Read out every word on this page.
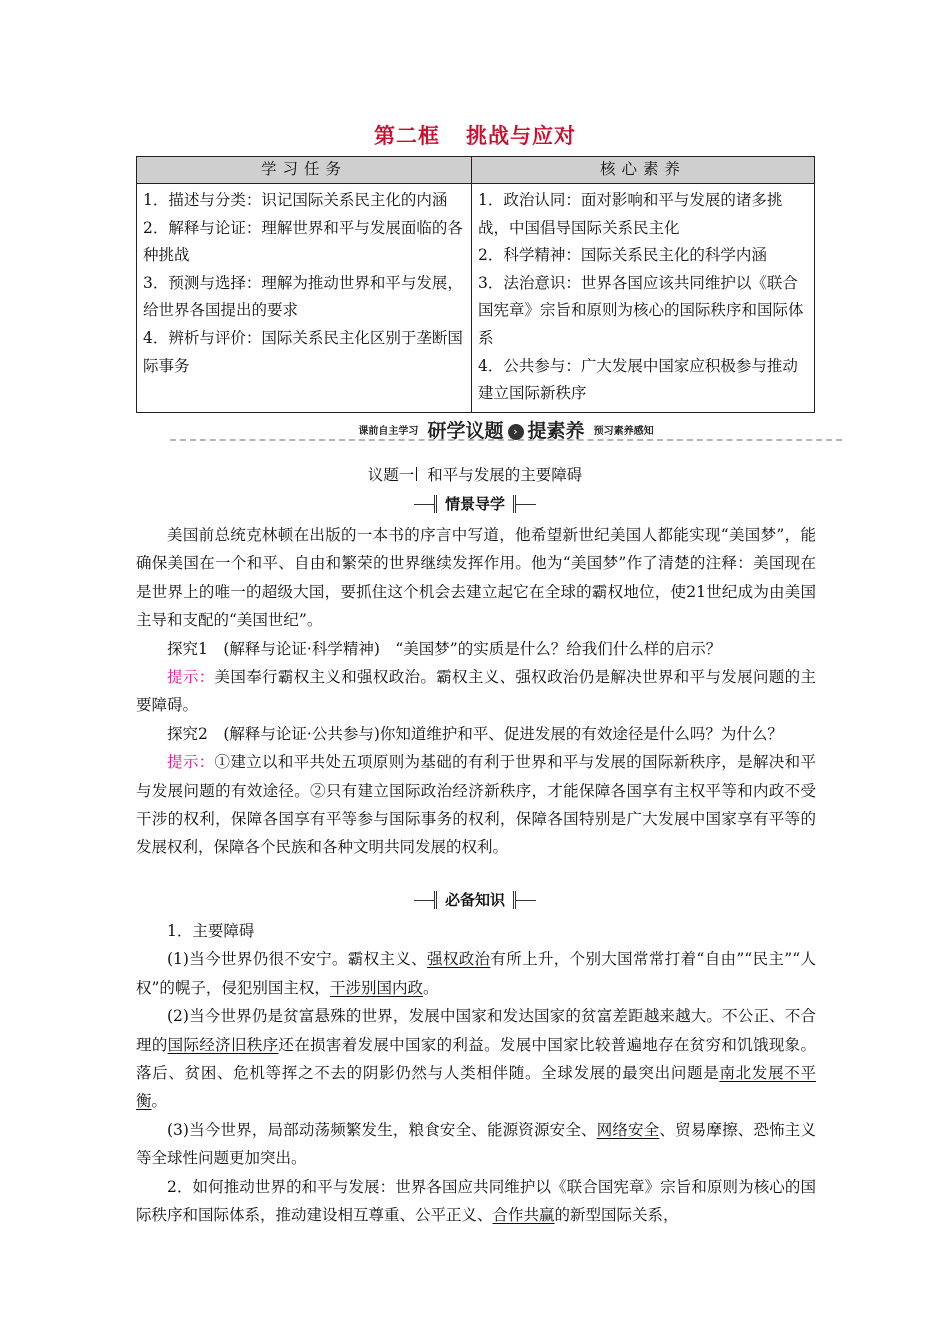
第二框 挑战与应对
学习任务	核心素养

1．描述与分类：识记国际关系民主化的内涵
2．解释与论证：理解世界和平与发展面临的各种挑战
3．预测与选择：理解为推动世界和平与发展，给世界各国提出的要求
4．辨析与评价：国际关系民主化区别于垄断国际事务	1．政治认同：面对影响和平与发展的诸多挑战，中国倡导国际关系民主化
2．科学精神：国际关系民主化的科学内涵
3．法治意识：世界各国应该共同维护以《联合国宪章》宗旨和原则为核心的国际秩序和国际体系
4．公共参与：广大发展中国家应积极参与推动建立国际新秩序
课前自主学习 研学议题 › 提素养 预习素养感知
议题一 和平与发展的主要障碍
情景导学

美国前总统克林顿在出版的一本书的序言中写道，他希望新世纪美国人都能实现“美国梦”，能确保美国在一个和平、自由和繁荣的世界继续发挥作用。他为“美国梦”作了清楚的注释：美国现在是世界上的唯一的超级大国，要抓住这个机会去建立起它在全球的霸权地位，使21世纪成为由美国主导和支配的“美国世纪”。

探究1　(解释与论证·科学精神)　“美国梦”的实质是什么？给我们什么样的启示？

提示：美国奉行霸权主义和强权政治。霸权主义、强权政治仍是解决世界和平与发展问题的主要障碍。

探究2　(解释与论证·公共参与)你知道维护和平、促进发展的有效途径是什么吗？为什么？

提示：①建立以和平共处五项原则为基础的有利于世界和平与发展的国际新秩序，是解决和平与发展问题的有效途径。②只有建立国际政治经济新秩序，才能保障各国享有主权平等和内政不受干涉的权利，保障各国享有平等参与国际事务的权利，保障各国特别是广大发展中国家享有平等的发展权利，保障各个民族和各种文明共同发展的权利。

必备知识

1．主要障碍

(1)当今世界仍很不安宁。霸权主义、强权政治有所上升，个别大国常常打着“自由”“民主”“人权”的幌子，侵犯别国主权，干涉别国内政。

(2)当今世界仍是贫富悬殊的世界，发展中国家和发达国家的贫富差距越来越大。不公正、不合理的国际经济旧秩序还在损害着发展中国家的利益。发展中国家比较普遍地存在贫穷和饥饿现象。落后、贫困、危机等挥之不去的阴影仍然与人类相伴随。全球发展的最突出问题是南北发展不平衡。

(3)当今世界，局部动荡频繁发生，粮食安全、能源资源安全、网络安全、贸易摩擦、恐怖主义等全球性问题更加突出。

2．如何推动世界的和平与发展：世界各国应共同维护以《联合国宪章》宗旨和原则为核心的国际秩序和国际体系，推动建设相互尊重、公平正义、合作共赢的新型国际关系，
